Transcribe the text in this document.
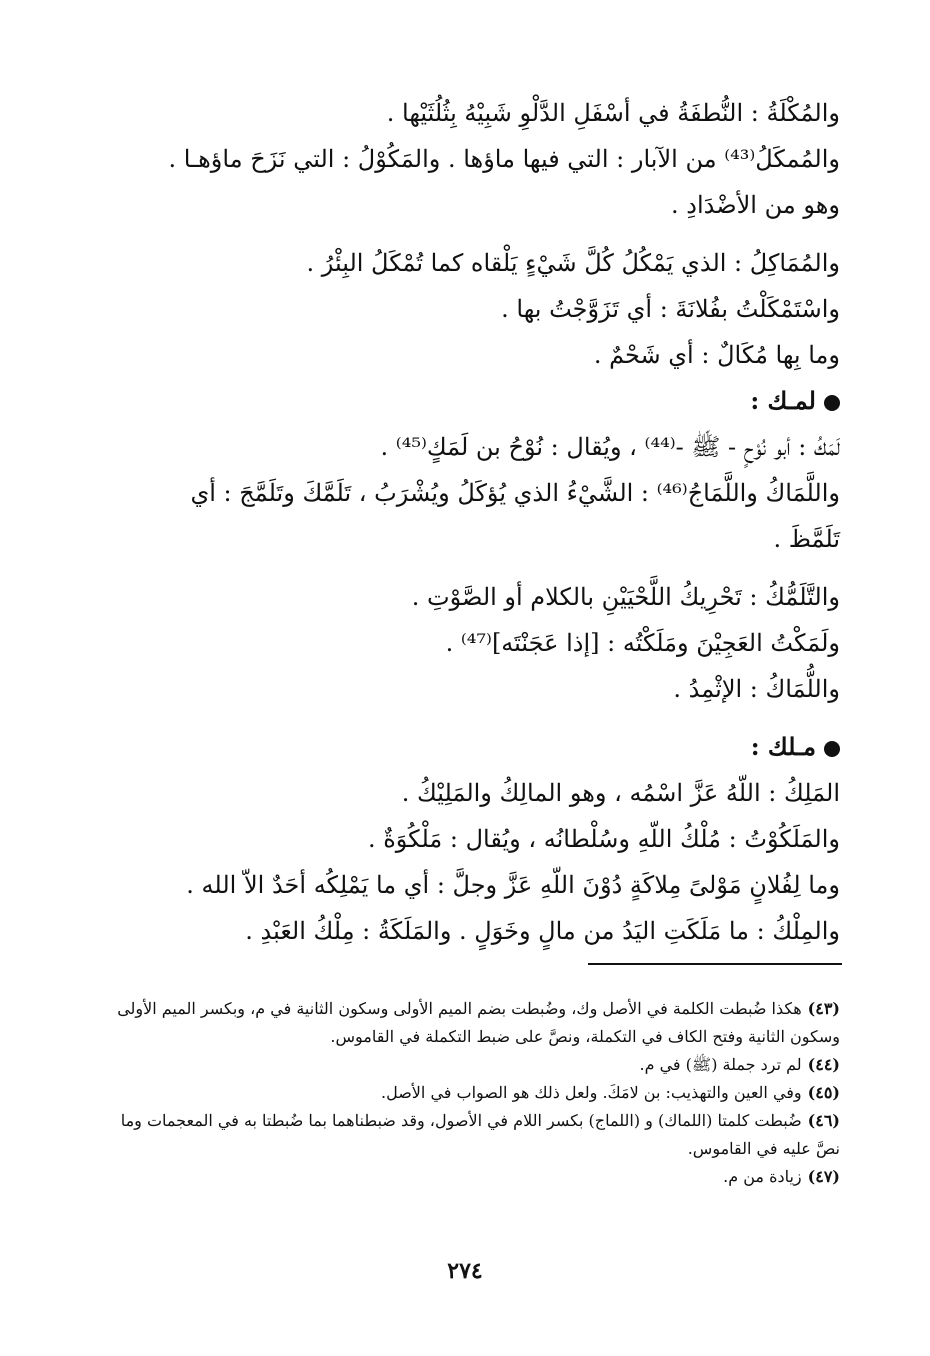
والمُكْلَةُ : النُّطفَةُ في أسْفَلِ الدَّلْوِ شَبِيْهُ بِثُلُثَيْها .
والمُمكَلُ⁽⁴³⁾ من الآبار : التي فيها ماؤها . والمَكُوْلُ : التي نَزَحَ ماؤهـا .
وهو من الأضْدَادِ .
والمُمَاكِلُ : الذي يَمْكُلُ كُلَّ شَيْءٍ يَلْقاه كما تُمْكَلُ البِئْرُ .
واسْتَمْكَلْتُ بفُلانَةَ : أي تَزَوَّجْتُ بها .
وما بِها مُكَالٌ : أي شَحْمٌ .
لمـك :
لَمَكُ : أبو نُوْحٍ - ﷺ -⁽⁴⁴⁾ ، ويُقال : نُوْحُ بن لَمَكٍ⁽⁴⁵⁾ .
واللَّمَاكُ واللَّمَاجُ⁽⁴⁶⁾ : الشَّيْءُ الذي يُؤكَلُ ويُشْرَبُ ، تَلَمَّكَ وتَلَمَّجَ : أي
تَلَمَّظَ .
والتَّلَمُّكُ : تَحْرِيكُ اللَّحْيَيْنِ بالكلام أو الصَّوْتِ .
ولَمَكْتُ العَجِيْنَ ومَلَكْتُه : [إذا عَجَنْتَه]⁽⁴⁷⁾ .
واللُّمَاكُ : الإثْمِدُ .
مـلك :
المَلِكُ : اللّهُ عَزَّ اسْمُه ، وهو المالِكُ والمَلِيْكُ .
والمَلَكُوْتُ : مُلْكُ اللّهِ وسُلْطانُه ، ويُقال : مَلْكُوَةٌ .
وما لِفُلانٍ مَوْلىً مِلاكَةٍ دُوْنَ اللّهِ عَزَّ وجلَّ : أي ما يَمْلِكُه أحَدٌ الاّ الله .
والمِلْكُ : ما مَلَكَتِ اليَدُ من مالٍ وخَوَلٍ . والمَلَكَةُ : مِلْكُ العَبْدِ .

(٤٣)هكذا ضُبطت الكلمة في الأصل وك، وضُبطت بضم الميم الأولى وسكون الثانية في م، وبكسر الميم الأولى وسكون الثانية وفتح الكاف في التكملة، ونصَّ على ضبط التكملة في القاموس.

(٤٤)لم ترد جملة (ﷺ) في م.

(٤٥)وفي العين والتهذيب: بن لامَكَ. ولعل ذلك هو الصواب في الأصل.

(٤٦)ضُبطت كلمتا (اللماك) و (اللماج) بكسر اللام في الأصول، وقد ضبطناهما بما ضُبطتا به في المعجمات وما نصَّ عليه في القاموس.

(٤٧)زيادة من م.

٢٧٤
